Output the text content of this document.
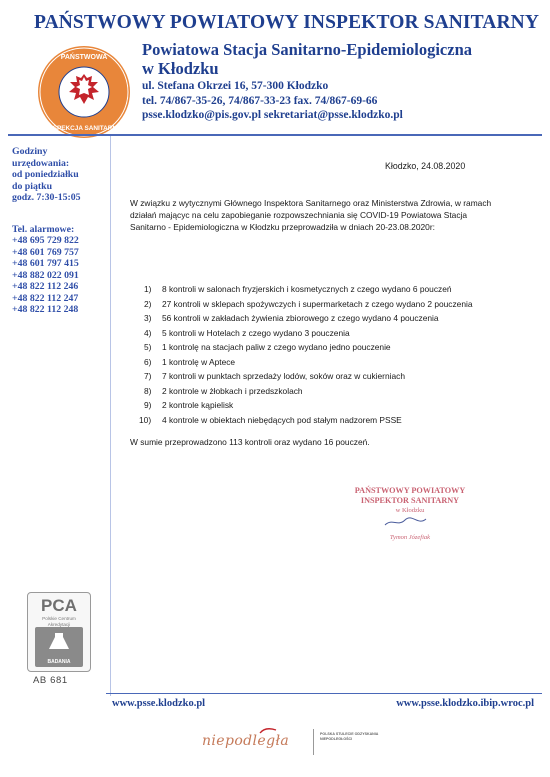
PAŃSTWOWY POWIATOWY INSPEKTOR SANITARNY
PAŃSTWOWA
INSPEKCJA SANITARNA
Powiatowa Stacja Sanitarno-Epidemiologiczna
w Kłodzku
ul. Stefana Okrzei 16, 57-300 Kłodzko
tel. 74/867-35-26, 74/867-33-23 fax. 74/867-69-66
psse.klodzko@pis.gov.pl sekretariat@psse.klodzko.pl
Godziny
urzędowania:
od poniedziałku
do piątku
godz. 7:30-15:05
Tel. alarmowe:
+48 695 729 822
+48 601 769 757
+48 601 797 415
+48 882 022 091
+48 822 112 246
+48 822 112 247
+48 822 112 248
Kłodzko, 24.08.2020
W związku z wytycznymi Głównego Inspektora Sanitarnego oraz Ministerstwa Zdrowia, w ramach działań mającyc na celu zapobieganie rozpowszechniania się COVID-19 Powiatowa Stacja Sanitarno - Epidemiologiczna w Kłodzku przeprowadziła w dniach 20-23.08.2020r:
1) 8 kontroli w salonach fryzjerskich i kosmetycznych z czego wydano 6 pouczeń
2) 27 kontroli w sklepach spożywczych i supermarketach z czego wydano 2 pouczenia
3) 56 kontroli w zakładach żywienia zbiorowego z czego wydano 4 pouczenia
4) 5 kontroli w Hotelach z czego wydano 3 pouczenia
5) 1 kontrolę na stacjach paliw z czego wydano jedno pouczenie
6) 1 kontrolę w Aptece
7) 7 kontroli w punktach sprzedaży lodów, soków oraz w cukierniach
8) 2 kontrole w żłobkach i przedszkolach
9) 2 kontrole kąpielisk
10) 4 kontrole w obiektach niebędących pod stałym nadzorem PSSE
W sumie przeprowadzono 113 kontroli oraz wydano 16 pouczeń.
PAŃSTWOWY POWIATOWY
INSPEKTOR SANITARNY
w Kłodzku
Tymon Józefiak
PCA
Polskie Centrum
Akredytacji
BADANIA
AB 681
www.psse.klodzko.pl	www.psse.klodzko.ibip.wroc.pl
niepodległa	POLSKA STULECIE ODZYSKANIA NIEPODLEGŁOŚCI
